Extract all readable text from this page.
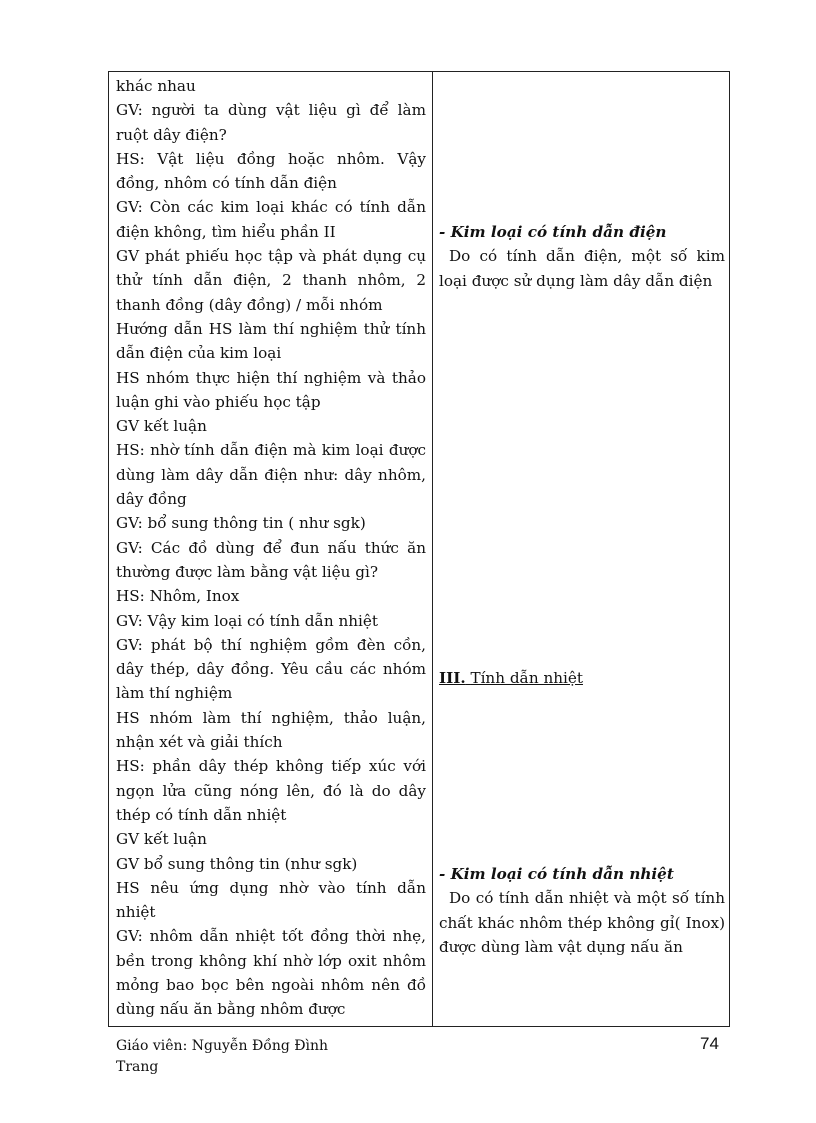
khác nhau
GV: người ta dùng vật liệu gì để làm ruột dây điện?
HS: Vật liệu đồng hoặc nhôm. Vậy đồng, nhôm có tính dẫn điện
GV: Còn các kim loại khác có tính dẫn điện không, tìm hiểu phần II
GV phát phiếu học tập và phát dụng cụ thử tính dẫn điện, 2 thanh nhôm, 2 thanh đồng (dây đồng) / mỗi nhóm
Hướng dẫn HS làm thí nghiệm thử tính dẫn điện của kim loại
HS nhóm thực hiện thí nghiệm và thảo luận ghi vào phiếu học tập
GV kết luận
HS: nhờ tính dẫn điện mà kim loại được dùng làm dây dẫn điện như: dây nhôm, dây đồng
GV: bổ sung thông tin ( như sgk)
GV: Các đồ dùng để đun nấu thức ăn thường được làm bằng vật liệu gì?
HS: Nhôm, Inox
GV: Vậy kim loại có tính dẫn nhiệt
GV: phát bộ thí nghiệm gồm đèn cồn, dây thép, dây đồng. Yêu cầu các nhóm làm thí nghiệm
HS nhóm làm thí nghiệm, thảo luận, nhận xét và giải thích
HS: phần dây thép không tiếp xúc với ngọn lửa cũng nóng lên, đó là do dây thép có tính dẫn nhiệt
GV kết luận
GV bổ sung thông tin (như sgk)
HS nêu ứng dụng nhờ vào tính dẫn nhiệt
GV: nhôm dẫn nhiệt tốt đồng thời nhẹ, bền trong không khí nhờ lớp oxit nhôm mỏng bao bọc bên ngoài nhôm nên đồ dùng nấu ăn bằng nhôm được
- Kim loại có tính dẫn điện
Do có tính dẫn điện, một số kim loại được sử dụng làm dây dẫn điện
III. Tính dẫn nhiệt
- Kim loại có tính dẫn nhiệt
Do có tính dẫn nhiệt và một số tính chất khác nhôm thép không gỉ( Inox) được dùng làm vật dụng nấu ăn
Giáo viên: Nguyễn Đồng Đình Trang
74
